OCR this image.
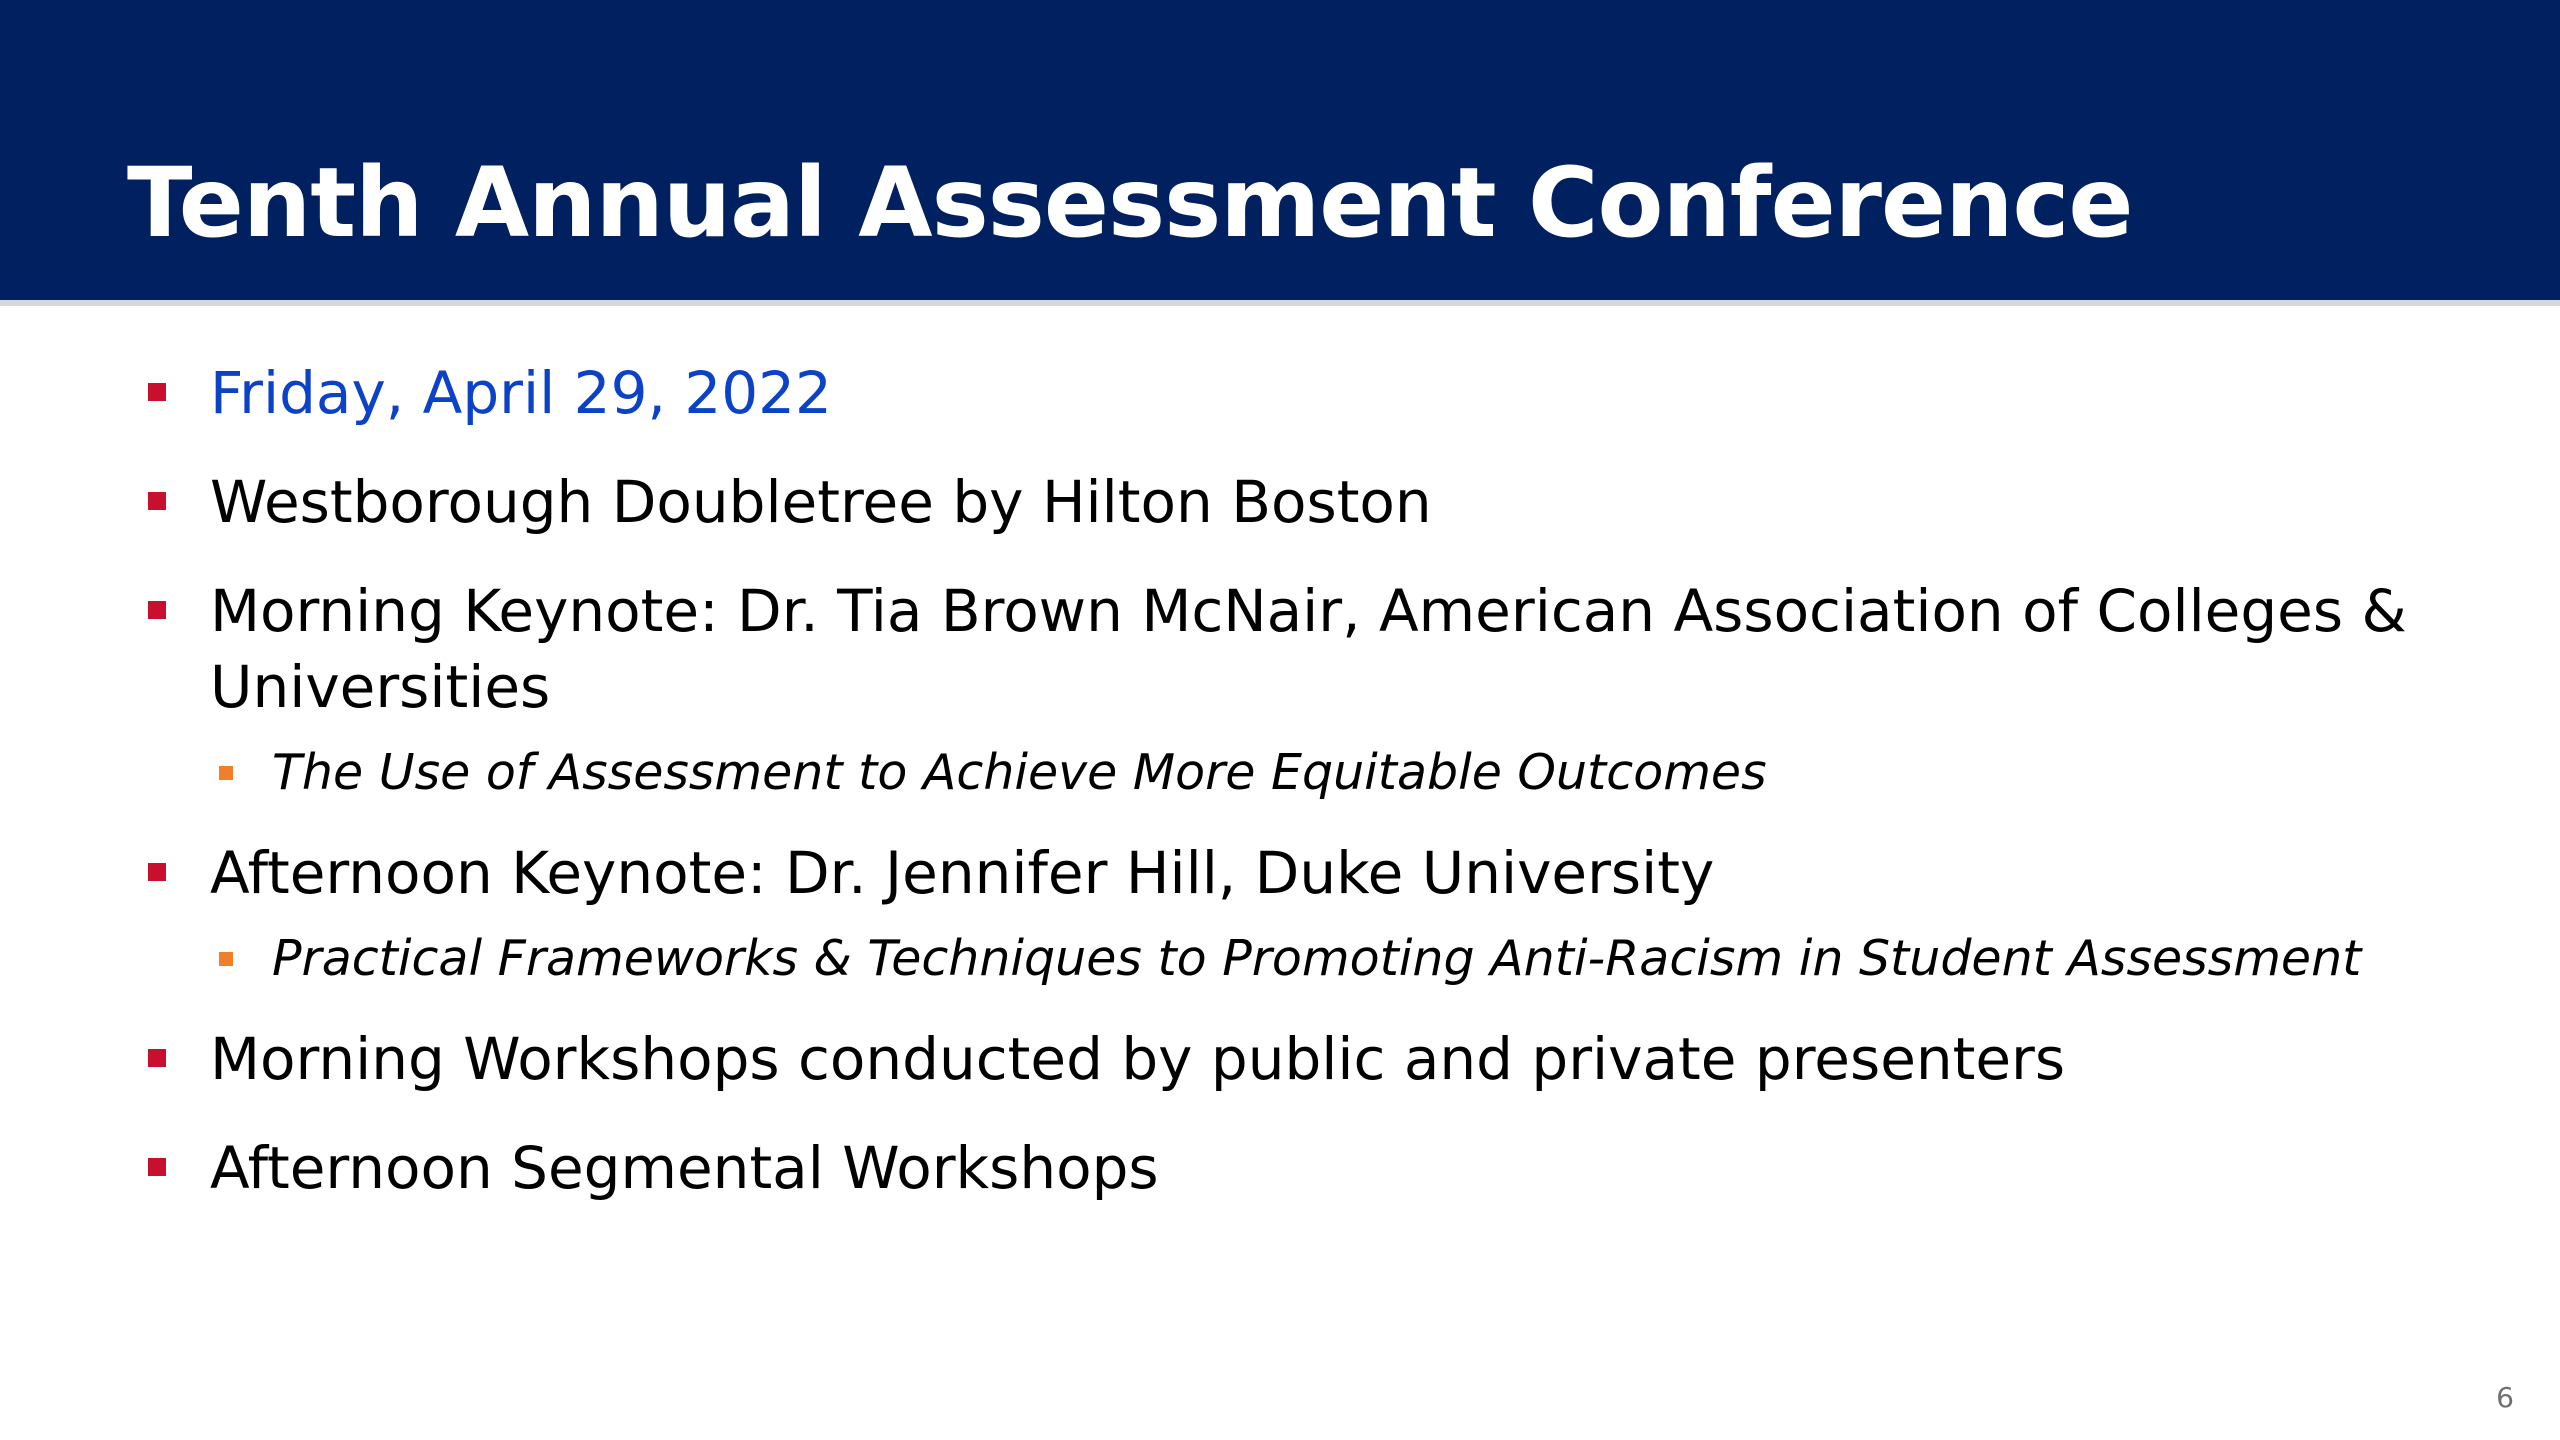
Tenth Annual Assessment Conference
Friday, April 29, 2022
Westborough Doubletree by Hilton Boston
Morning Keynote: Dr. Tia Brown McNair, American Association of Colleges & Universities
The Use of Assessment to Achieve More Equitable Outcomes
Afternoon Keynote: Dr. Jennifer Hill, Duke University
Practical Frameworks & Techniques to Promoting Anti-Racism in Student Assessment
Morning Workshops conducted by public and private presenters
Afternoon Segmental Workshops
6
